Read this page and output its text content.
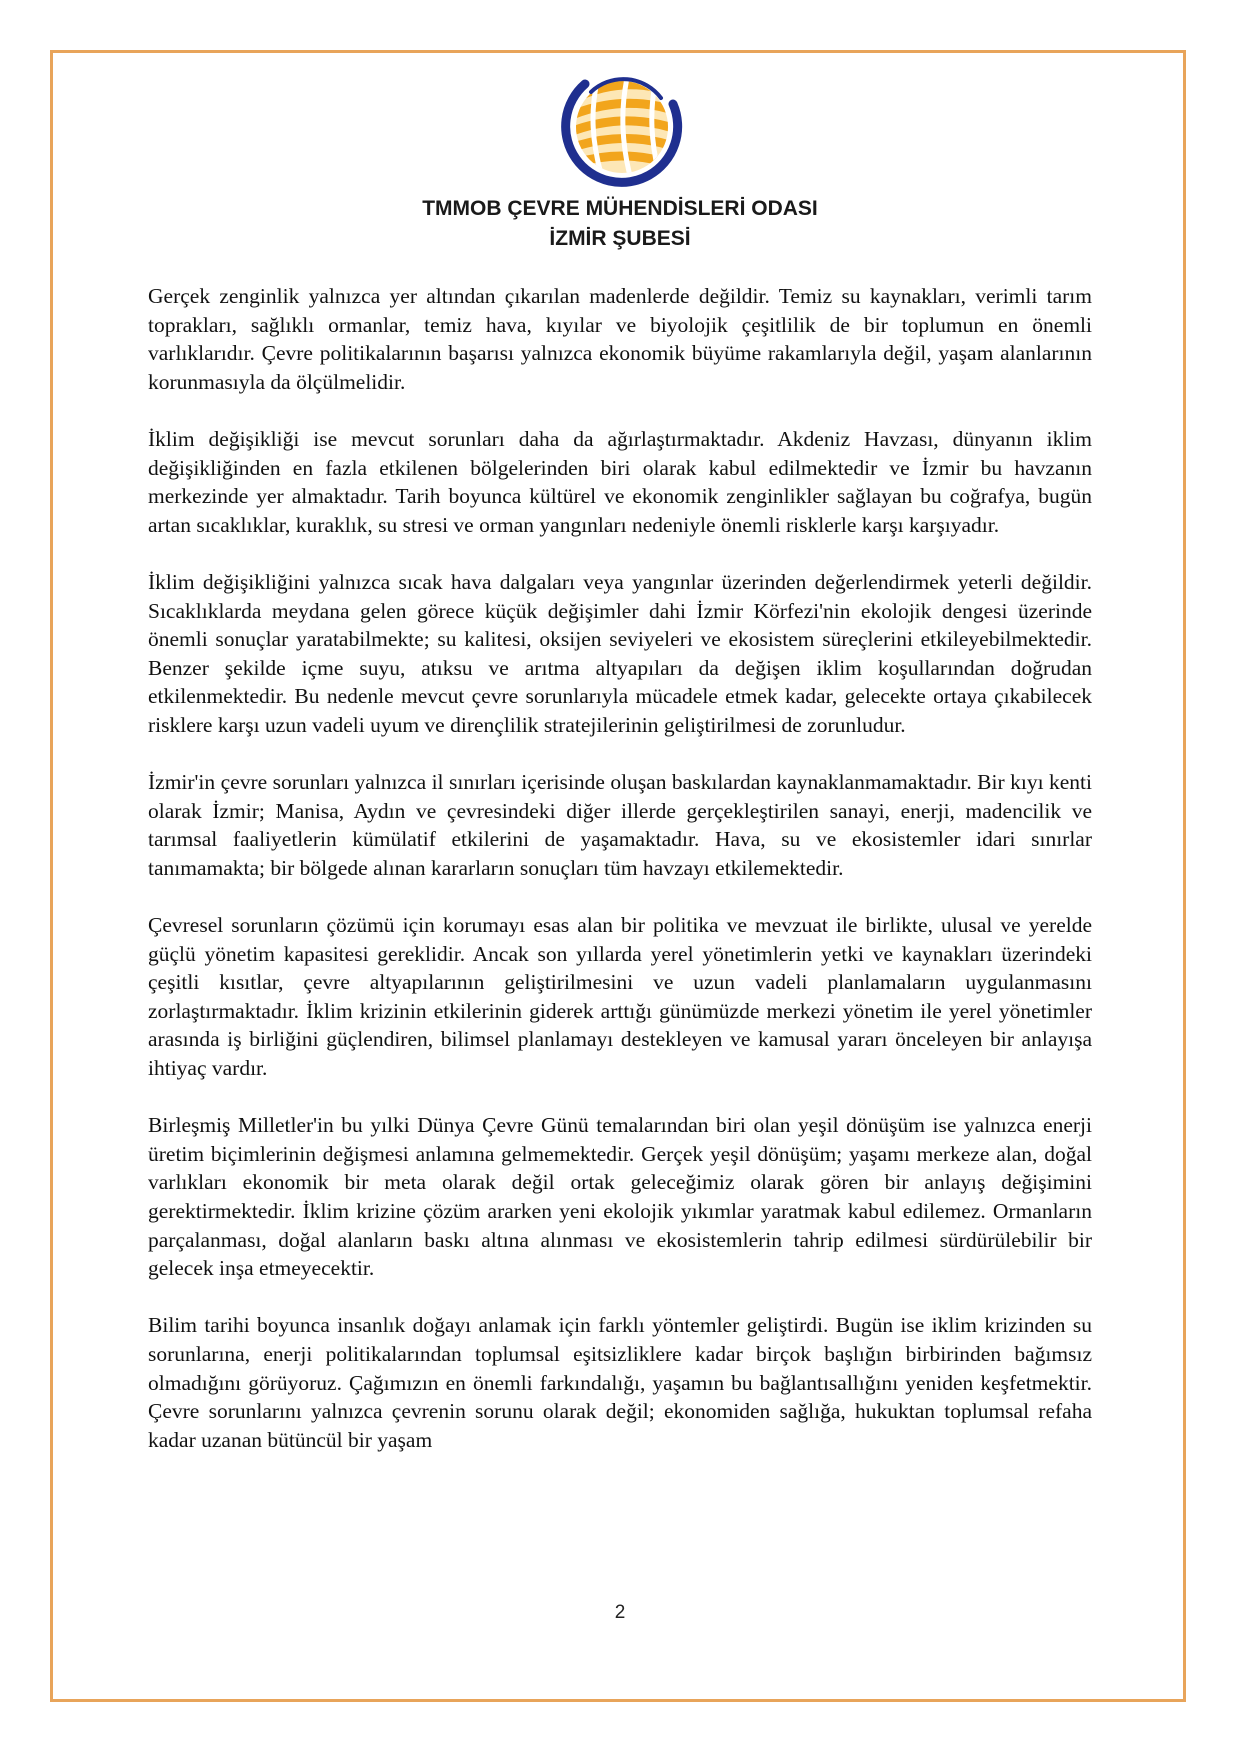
TMMOB ÇEVRE MÜHENDİSLERİ ODASI
İZMİR ŞUBESİ

Gerçek zenginlik yalnızca yer altından çıkarılan madenlerde değildir. Temiz su kaynakları, verimli tarım toprakları, sağlıklı ormanlar, temiz hava, kıyılar ve biyolojik çeşitlilik de bir toplumun en önemli varlıklarıdır. Çevre politikalarının başarısı yalnızca ekonomik büyüme rakamlarıyla değil, yaşam alanlarının korunmasıyla da ölçülmelidir.

İklim değişikliği ise mevcut sorunları daha da ağırlaştırmaktadır. Akdeniz Havzası, dünyanın iklim değişikliğinden en fazla etkilenen bölgelerinden biri olarak kabul edilmektedir ve İzmir bu havzanın merkezinde yer almaktadır. Tarih boyunca kültürel ve ekonomik zenginlikler sağlayan bu coğrafya, bugün artan sıcaklıklar, kuraklık, su stresi ve orman yangınları nedeniyle önemli risklerle karşı karşıyadır.

İklim değişikliğini yalnızca sıcak hava dalgaları veya yangınlar üzerinden değerlendirmek yeterli değildir. Sıcaklıklarda meydana gelen görece küçük değişimler dahi İzmir Körfezi'nin ekolojik dengesi üzerinde önemli sonuçlar yaratabilmekte; su kalitesi, oksijen seviyeleri ve ekosistem süreçlerini etkileyebilmektedir. Benzer şekilde içme suyu, atıksu ve arıtma altyapıları da değişen iklim koşullarından doğrudan etkilenmektedir. Bu nedenle mevcut çevre sorunlarıyla mücadele etmek kadar, gelecekte ortaya çıkabilecek risklere karşı uzun vadeli uyum ve dirençlilik stratejilerinin geliştirilmesi de zorunludur.

İzmir'in çevre sorunları yalnızca il sınırları içerisinde oluşan baskılardan kaynaklanmamaktadır. Bir kıyı kenti olarak İzmir; Manisa, Aydın ve çevresindeki diğer illerde gerçekleştirilen sanayi, enerji, madencilik ve tarımsal faaliyetlerin kümülatif etkilerini de yaşamaktadır. Hava, su ve ekosistemler idari sınırlar tanımamakta; bir bölgede alınan kararların sonuçları tüm havzayı etkilemektedir.

Çevresel sorunların çözümü için korumayı esas alan bir politika ve mevzuat ile birlikte, ulusal ve yerelde güçlü yönetim kapasitesi gereklidir. Ancak son yıllarda yerel yönetimlerin yetki ve kaynakları üzerindeki çeşitli kısıtlar, çevre altyapılarının geliştirilmesini ve uzun vadeli planlamaların uygulanmasını zorlaştırmaktadır. İklim krizinin etkilerinin giderek arttığı günümüzde merkezi yönetim ile yerel yönetimler arasında iş birliğini güçlendiren, bilimsel planlamayı destekleyen ve kamusal yararı önceleyen bir anlayışa ihtiyaç vardır.

Birleşmiş Milletler'in bu yılki Dünya Çevre Günü temalarından biri olan yeşil dönüşüm ise yalnızca enerji üretim biçimlerinin değişmesi anlamına gelmemektedir. Gerçek yeşil dönüşüm; yaşamı merkeze alan, doğal varlıkları ekonomik bir meta olarak değil ortak geleceğimiz olarak gören bir anlayış değişimini gerektirmektedir. İklim krizine çözüm ararken yeni ekolojik yıkımlar yaratmak kabul edilemez. Ormanların parçalanması, doğal alanların baskı altına alınması ve ekosistemlerin tahrip edilmesi sürdürülebilir bir gelecek inşa etmeyecektir.

Bilim tarihi boyunca insanlık doğayı anlamak için farklı yöntemler geliştirdi. Bugün ise iklim krizinden su sorunlarına, enerji politikalarından toplumsal eşitsizliklere kadar birçok başlığın birbirinden bağımsız olmadığını görüyoruz. Çağımızın en önemli farkındalığı, yaşamın bu bağlantısallığını yeniden keşfetmektir. Çevre sorunlarını yalnızca çevrenin sorunu olarak değil; ekonomiden sağlığa, hukuktan toplumsal refaha kadar uzanan bütüncül bir yaşam

2
